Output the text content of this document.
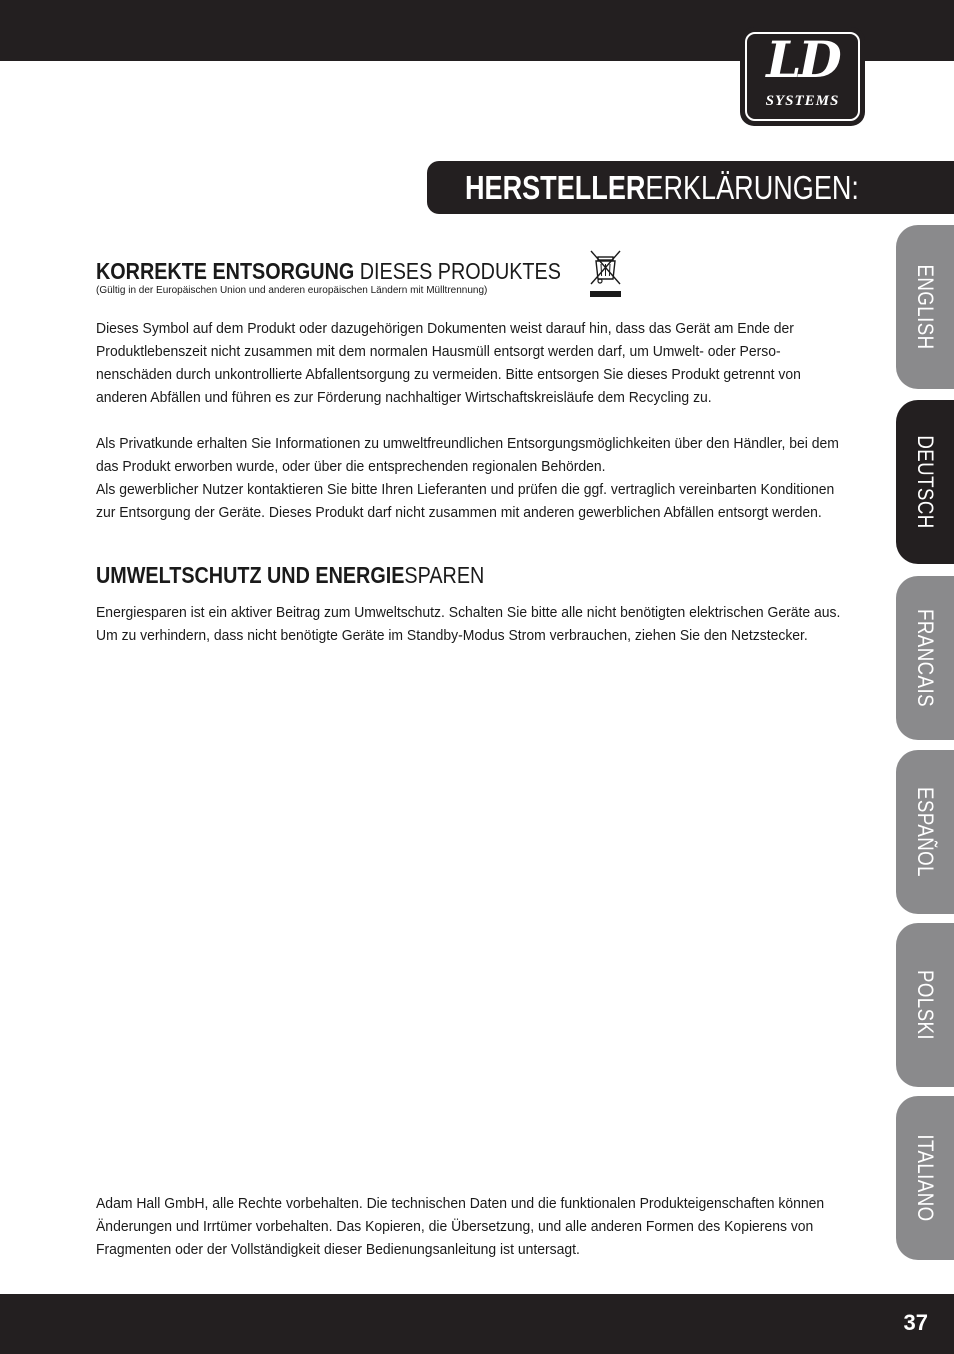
LD
SYSTEMS
HERSTELLERERKLÄRUNGEN:
KORREKTE ENTSORGUNG DIESES PRODUKTES
(Gültig in der Europäischen Union und anderen europäischen Ländern mit Mülltrennung)

Dieses Symbol auf dem Produkt oder dazugehörigen Dokumenten weist darauf hin, dass das Gerät am Ende der Produktlebenszeit nicht zusammen mit dem normalen Hausmüll entsorgt werden darf, um Umwelt- oder Perso-nenschäden durch unkontrollierte Abfallentsorgung zu vermeiden. Bitte entsorgen Sie dieses Produkt getrennt von anderen Abfällen und führen es zur Förderung nachhaltiger Wirtschaftskreisläufe dem Recycling zu.

Als Privatkunde erhalten Sie Informationen zu umweltfreundlichen Entsorgungsmöglichkeiten über den Händler, bei dem das Produkt erworben wurde, oder über die entsprechenden regionalen Behörden.

Als gewerblicher Nutzer kontaktieren Sie bitte Ihren Lieferanten und prüfen die ggf. vertraglich vereinbarten Konditionen zur Entsorgung der Geräte. Dieses Produkt darf nicht zusammen mit anderen gewerblichen Abfällen entsorgt werden.

UMWELTSCHUTZ UND ENERGIESPAREN

Energiesparen ist ein aktiver Beitrag zum Umweltschutz. Schalten Sie bitte alle nicht benötigten elektrischen Geräte aus. Um zu verhindern, dass nicht benötigte Geräte im Standby-Modus Strom verbrauchen, ziehen Sie den Netzstecker.

Adam Hall GmbH, alle Rechte vorbehalten. Die technischen Daten und die funktionalen Produkteigenschaften können Änderungen und Irrtümer vorbehalten. Das Kopieren, die Übersetzung, und alle anderen Formen des Kopierens von Fragmenten oder der Vollständigkeit dieser Bedienungsanleitung ist untersagt.

ENGLISH
DEUTSCH
FRANCAIS
ESPAÑOL
POLSKI
ITALIANO
37
